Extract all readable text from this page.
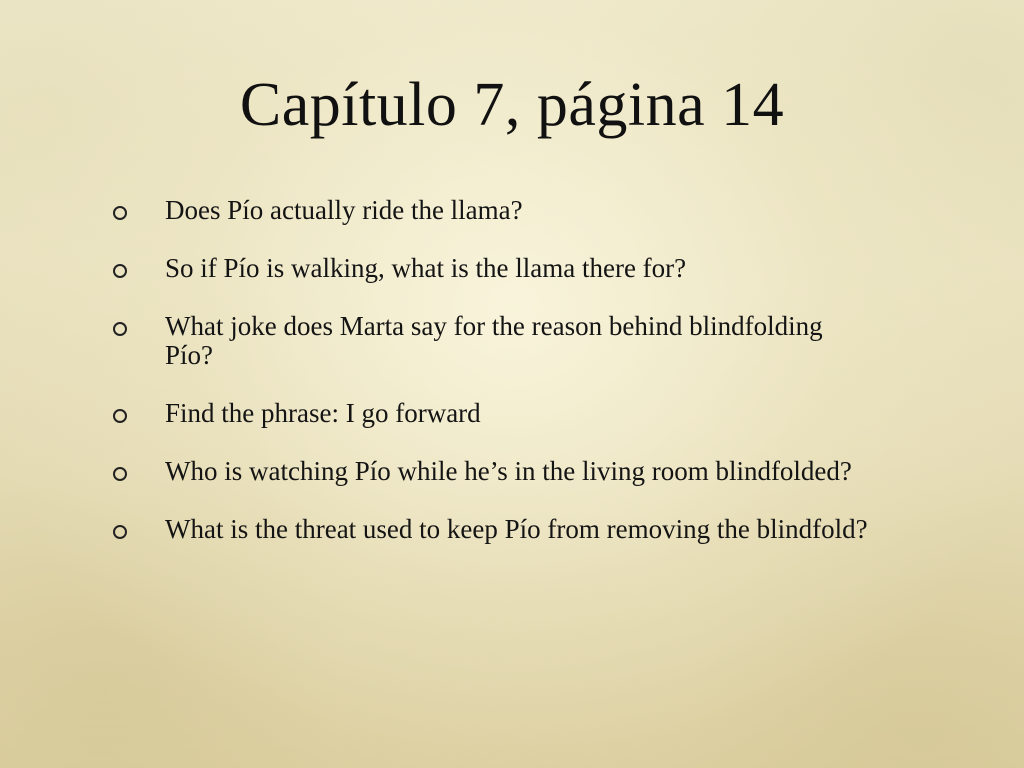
Capítulo 7, página 14
Does Pío actually ride the llama?
So if Pío is walking, what is the llama there for?
What joke does Marta say for the reason behind blindfolding Pío?
Find the phrase: I go forward
Who is watching Pío while he’s in the living room blindfolded?
What is the threat used to keep Pío from removing the blindfold?
